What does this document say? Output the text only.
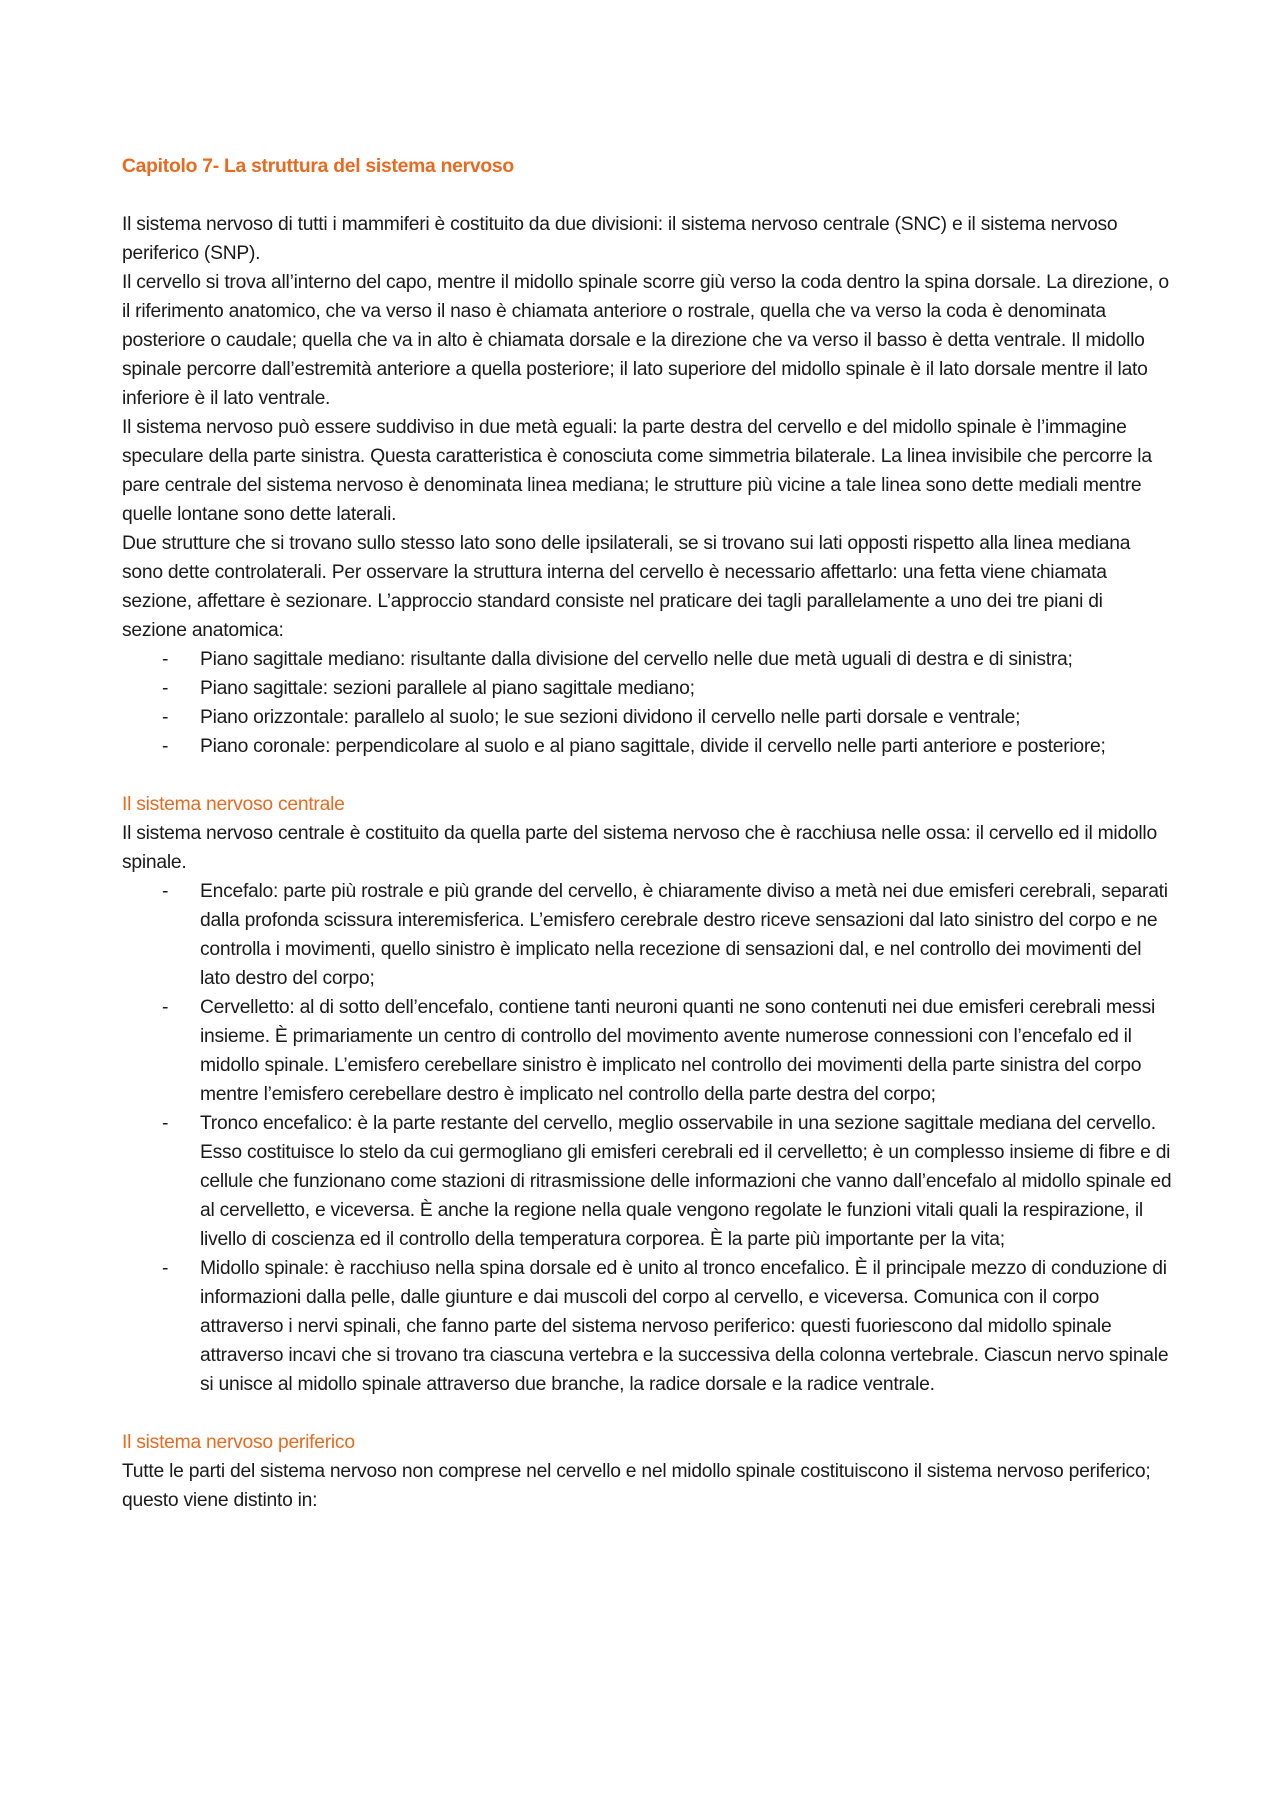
Capitolo 7- La struttura del sistema nervoso

Il sistema nervoso di tutti i mammiferi è costituito da due divisioni: il sistema nervoso centrale (SNC) e il sistema nervoso periferico (SNP).

Il cervello si trova all’interno del capo, mentre il midollo spinale scorre giù verso la coda dentro la spina dorsale. La direzione, o il riferimento anatomico, che va verso il naso è chiamata anteriore o rostrale, quella che va verso la coda è denominata posteriore o caudale; quella che va in alto è chiamata dorsale e la direzione che va verso il basso è detta ventrale. Il midollo spinale percorre dall’estremità anteriore a quella posteriore; il lato superiore del midollo spinale è il lato dorsale mentre il lato inferiore è il lato ventrale.

Il sistema nervoso può essere suddiviso in due metà eguali: la parte destra del cervello e del midollo spinale è l’immagine speculare della parte sinistra. Questa caratteristica è conosciuta come simmetria bilaterale. La linea invisibile che percorre la pare centrale del sistema nervoso è denominata linea mediana; le strutture più vicine a tale linea sono dette mediali mentre quelle lontane sono dette laterali.

Due strutture che si trovano sullo stesso lato sono delle ipsilaterali, se si trovano sui lati opposti rispetto alla linea mediana sono dette controlaterali. Per osservare la struttura interna del cervello è necessario affettarlo: una fetta viene chiamata sezione, affettare è sezionare. L’approccio standard consiste nel praticare dei tagli parallelamente a uno dei tre piani di sezione anatomica:

- Piano sagittale mediano: risultante dalla divisione del cervello nelle due metà uguali di destra e di sinistra;
- Piano sagittale: sezioni parallele al piano sagittale mediano;
- Piano orizzontale: parallelo al suolo; le sue sezioni dividono il cervello nelle parti dorsale e ventrale;
- Piano coronale: perpendicolare al suolo e al piano sagittale, divide il cervello nelle parti anteriore e posteriore;
Il sistema nervoso centrale

Il sistema nervoso centrale è costituito da quella parte del sistema nervoso che è racchiusa nelle ossa: il cervello ed il midollo spinale.

- Encefalo: parte più rostrale e più grande del cervello, è chiaramente diviso a metà nei due emisferi cerebrali, separati dalla profonda scissura interemisferica. L’emisfero cerebrale destro riceve sensazioni dal lato sinistro del corpo e ne controlla i movimenti, quello sinistro è implicato nella recezione di sensazioni dal, e nel controllo dei movimenti del lato destro del corpo;
- Cervelletto: al di sotto dell’encefalo, contiene tanti neuroni quanti ne sono contenuti nei due emisferi cerebrali messi insieme. È primariamente un centro di controllo del movimento avente numerose connessioni con l’encefalo ed il midollo spinale. L’emisfero cerebellare sinistro è implicato nel controllo dei movimenti della parte sinistra del corpo mentre l’emisfero cerebellare destro è implicato nel controllo della parte destra del corpo;
- Tronco encefalico: è la parte restante del cervello, meglio osservabile in una sezione sagittale mediana del cervello. Esso costituisce lo stelo da cui germogliano gli emisferi cerebrali ed il cervelletto; è un complesso insieme di fibre e di cellule che funzionano come stazioni di ritrasmissione delle informazioni che vanno dall’encefalo al midollo spinale ed al cervelletto, e viceversa. È anche la regione nella quale vengono regolate le funzioni vitali quali la respirazione, il livello di coscienza ed il controllo della temperatura corporea. È la parte più importante per la vita;
- Midollo spinale: è racchiuso nella spina dorsale ed è unito al tronco encefalico. È il principale mezzo di conduzione di informazioni dalla pelle, dalle giunture e dai muscoli del corpo al cervello, e viceversa. Comunica con il corpo attraverso i nervi spinali, che fanno parte del sistema nervoso periferico: questi fuoriescono dal midollo spinale attraverso incavi che si trovano tra ciascuna vertebra e la successiva della colonna vertebrale. Ciascun nervo spinale si unisce al midollo spinale attraverso due branche, la radice dorsale e la radice ventrale.
Il sistema nervoso periferico

Tutte le parti del sistema nervoso non comprese nel cervello e nel midollo spinale costituiscono il sistema nervoso periferico; questo viene distinto in:
